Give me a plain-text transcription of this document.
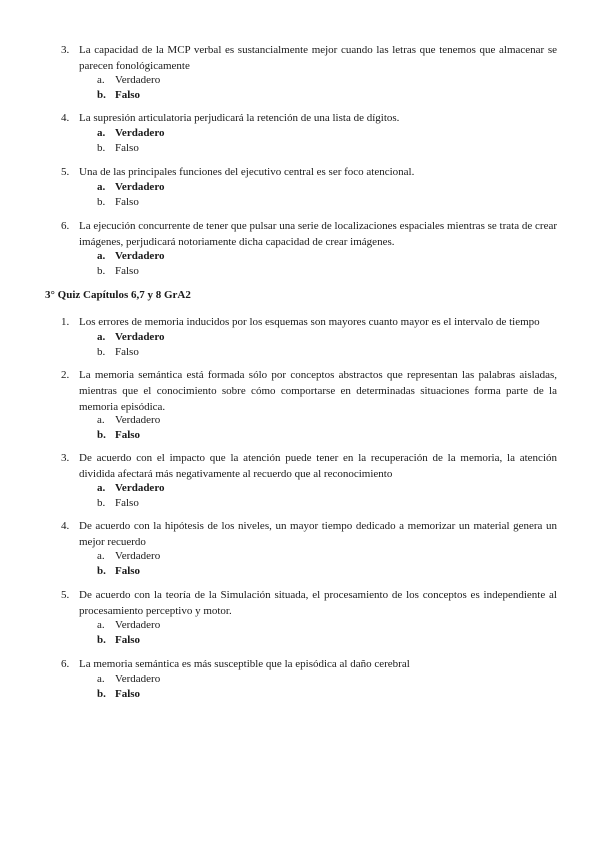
3. La capacidad de la MCP verbal es sustancialmente mejor cuando las letras que tenemos que almacenar se parecen fonológicamente
a. Verdadero
b. Falso
4. La supresión articulatoria perjudicará la retención de una lista de dígitos.
a. Verdadero
b. Falso
5. Una de las principales funciones del ejecutivo central es ser foco atencional.
a. Verdadero
b. Falso
6. La ejecución concurrente de tener que pulsar una serie de localizaciones espaciales mientras se trata de crear imágenes, perjudicará notoriamente dicha capacidad de crear imágenes.
a. Verdadero
b. Falso
3° Quiz Capítulos 6,7 y 8 GrA2
1. Los errores de memoria inducidos por los esquemas son mayores cuanto mayor es el intervalo de tiempo
a. Verdadero
b. Falso
2. La memoria semántica está formada sólo por conceptos abstractos que representan las palabras aisladas, mientras que el conocimiento sobre cómo comportarse en determinadas situaciones forma parte de la memoria episódica.
a. Verdadero
b. Falso
3. De acuerdo con el impacto que la atención puede tener en la recuperación de la memoria, la atención dividida afectará más negativamente al recuerdo que al reconocimiento
a. Verdadero
b. Falso
4. De acuerdo con la hipótesis de los niveles, un mayor tiempo dedicado a memorizar un material genera un mejor recuerdo
a. Verdadero
b. Falso
5. De acuerdo con la teoría de la Simulación situada, el procesamiento de los conceptos es independiente al procesamiento perceptivo y motor.
a. Verdadero
b. Falso
6. La memoria semántica es más susceptible que la episódica al daño cerebral
a. Verdadero
b. Falso
